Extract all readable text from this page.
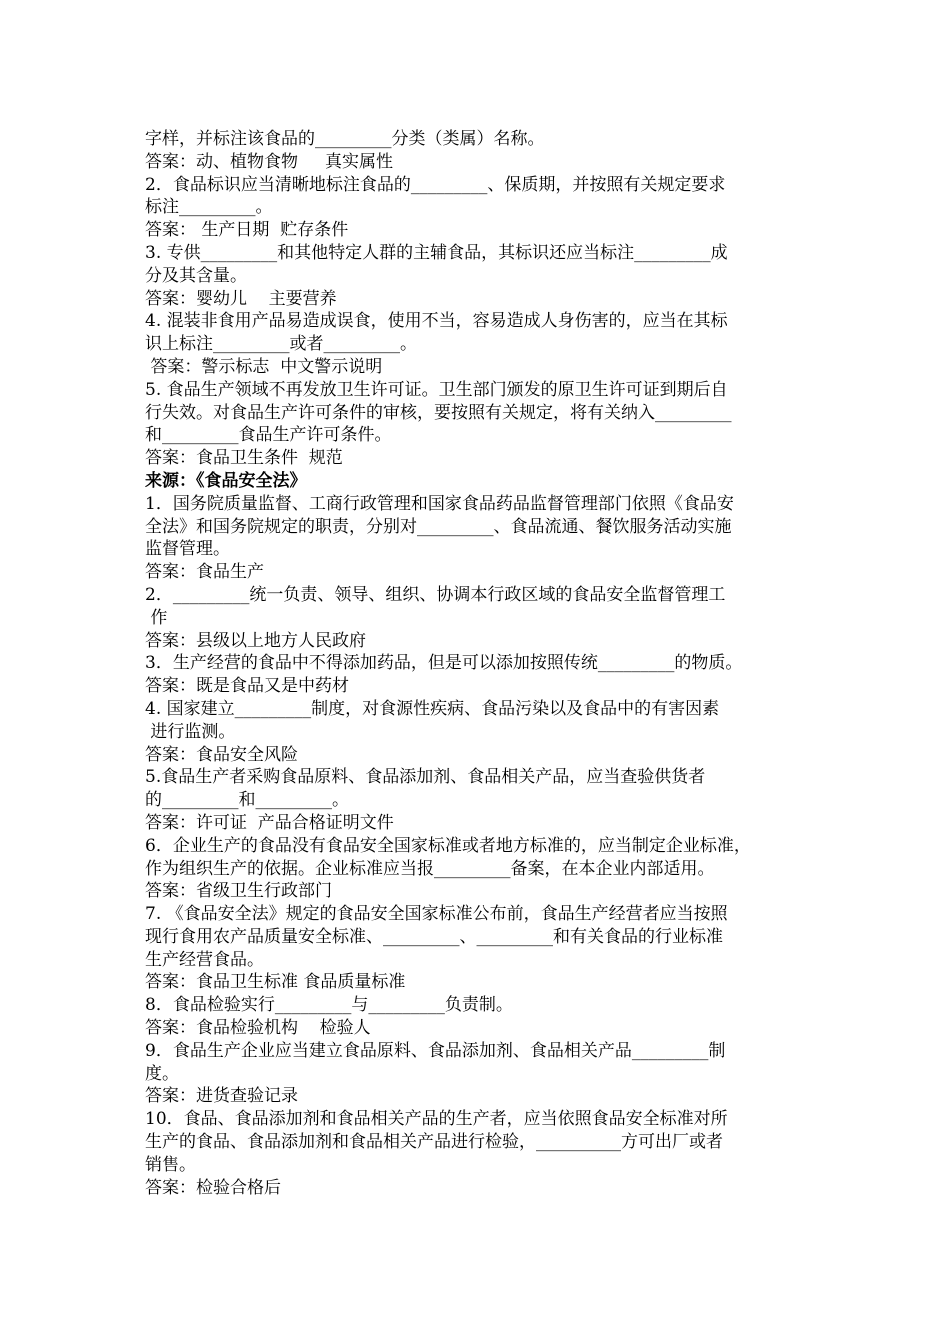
字样，并标注该食品的_________分类（类属）名称。
答案：动、植物食物     真实属性
2．食品标识应当清晰地标注食品的_________、保质期，并按照有关规定要求
标注_________。
答案： 生产日期  贮存条件
3. 专供_________和其他特定人群的主辅食品，其标识还应当标注_________成
分及其含量。
答案：婴幼儿    主要营养
4. 混装非食用产品易造成误食，使用不当，容易造成人身伤害的，应当在其标
识上标注_________或者_________。
答案：警示标志  中文警示说明
5. 食品生产领域不再发放卫生许可证。卫生部门颁发的原卫生许可证到期后自
行失效。对食品生产许可条件的审核，要按照有关规定，将有关纳入_________
和_________食品生产许可条件。
答案：食品卫生条件  规范
来源：《食品安全法》
1．国务院质量监督、工商行政管理和国家食品药品监督管理部门依照《食品安
全法》和国务院规定的职责，分别对_________、食品流通、餐饮服务活动实施
监督管理。
答案：食品生产
2．_________统一负责、领导、组织、协调本行政区域的食品安全监督管理工
作
答案：县级以上地方人民政府
3．生产经营的食品中不得添加药品，但是可以添加按照传统_________的物质。
答案：既是食品又是中药材
4. 国家建立_________制度，对食源性疾病、食品污染以及食品中的有害因素
进行监测。
答案：食品安全风险
5.食品生产者采购食品原料、食品添加剂、食品相关产品，应当查验供货者
的_________和_________。
答案：许可证  产品合格证明文件
6．企业生产的食品没有食品安全国家标准或者地方标准的，应当制定企业标准，
作为组织生产的依据。企业标准应当报_________备案，在本企业内部适用。
答案：省级卫生行政部门
7. 《食品安全法》规定的食品安全国家标准公布前，食品生产经营者应当按照
现行食用农产品质量安全标准、_________、_________和有关食品的行业标准
生产经营食品。
答案：食品卫生标准 食品质量标准
8．食品检验实行_________与_________负责制。
答案：食品检验机构    检验人
9．食品生产企业应当建立食品原料、食品添加剂、食品相关产品_________制
度。
答案：进货查验记录
10．食品、食品添加剂和食品相关产品的生产者，应当依照食品安全标准对所
生产的食品、食品添加剂和食品相关产品进行检验，__________方可出厂或者
销售。
答案：检验合格后
